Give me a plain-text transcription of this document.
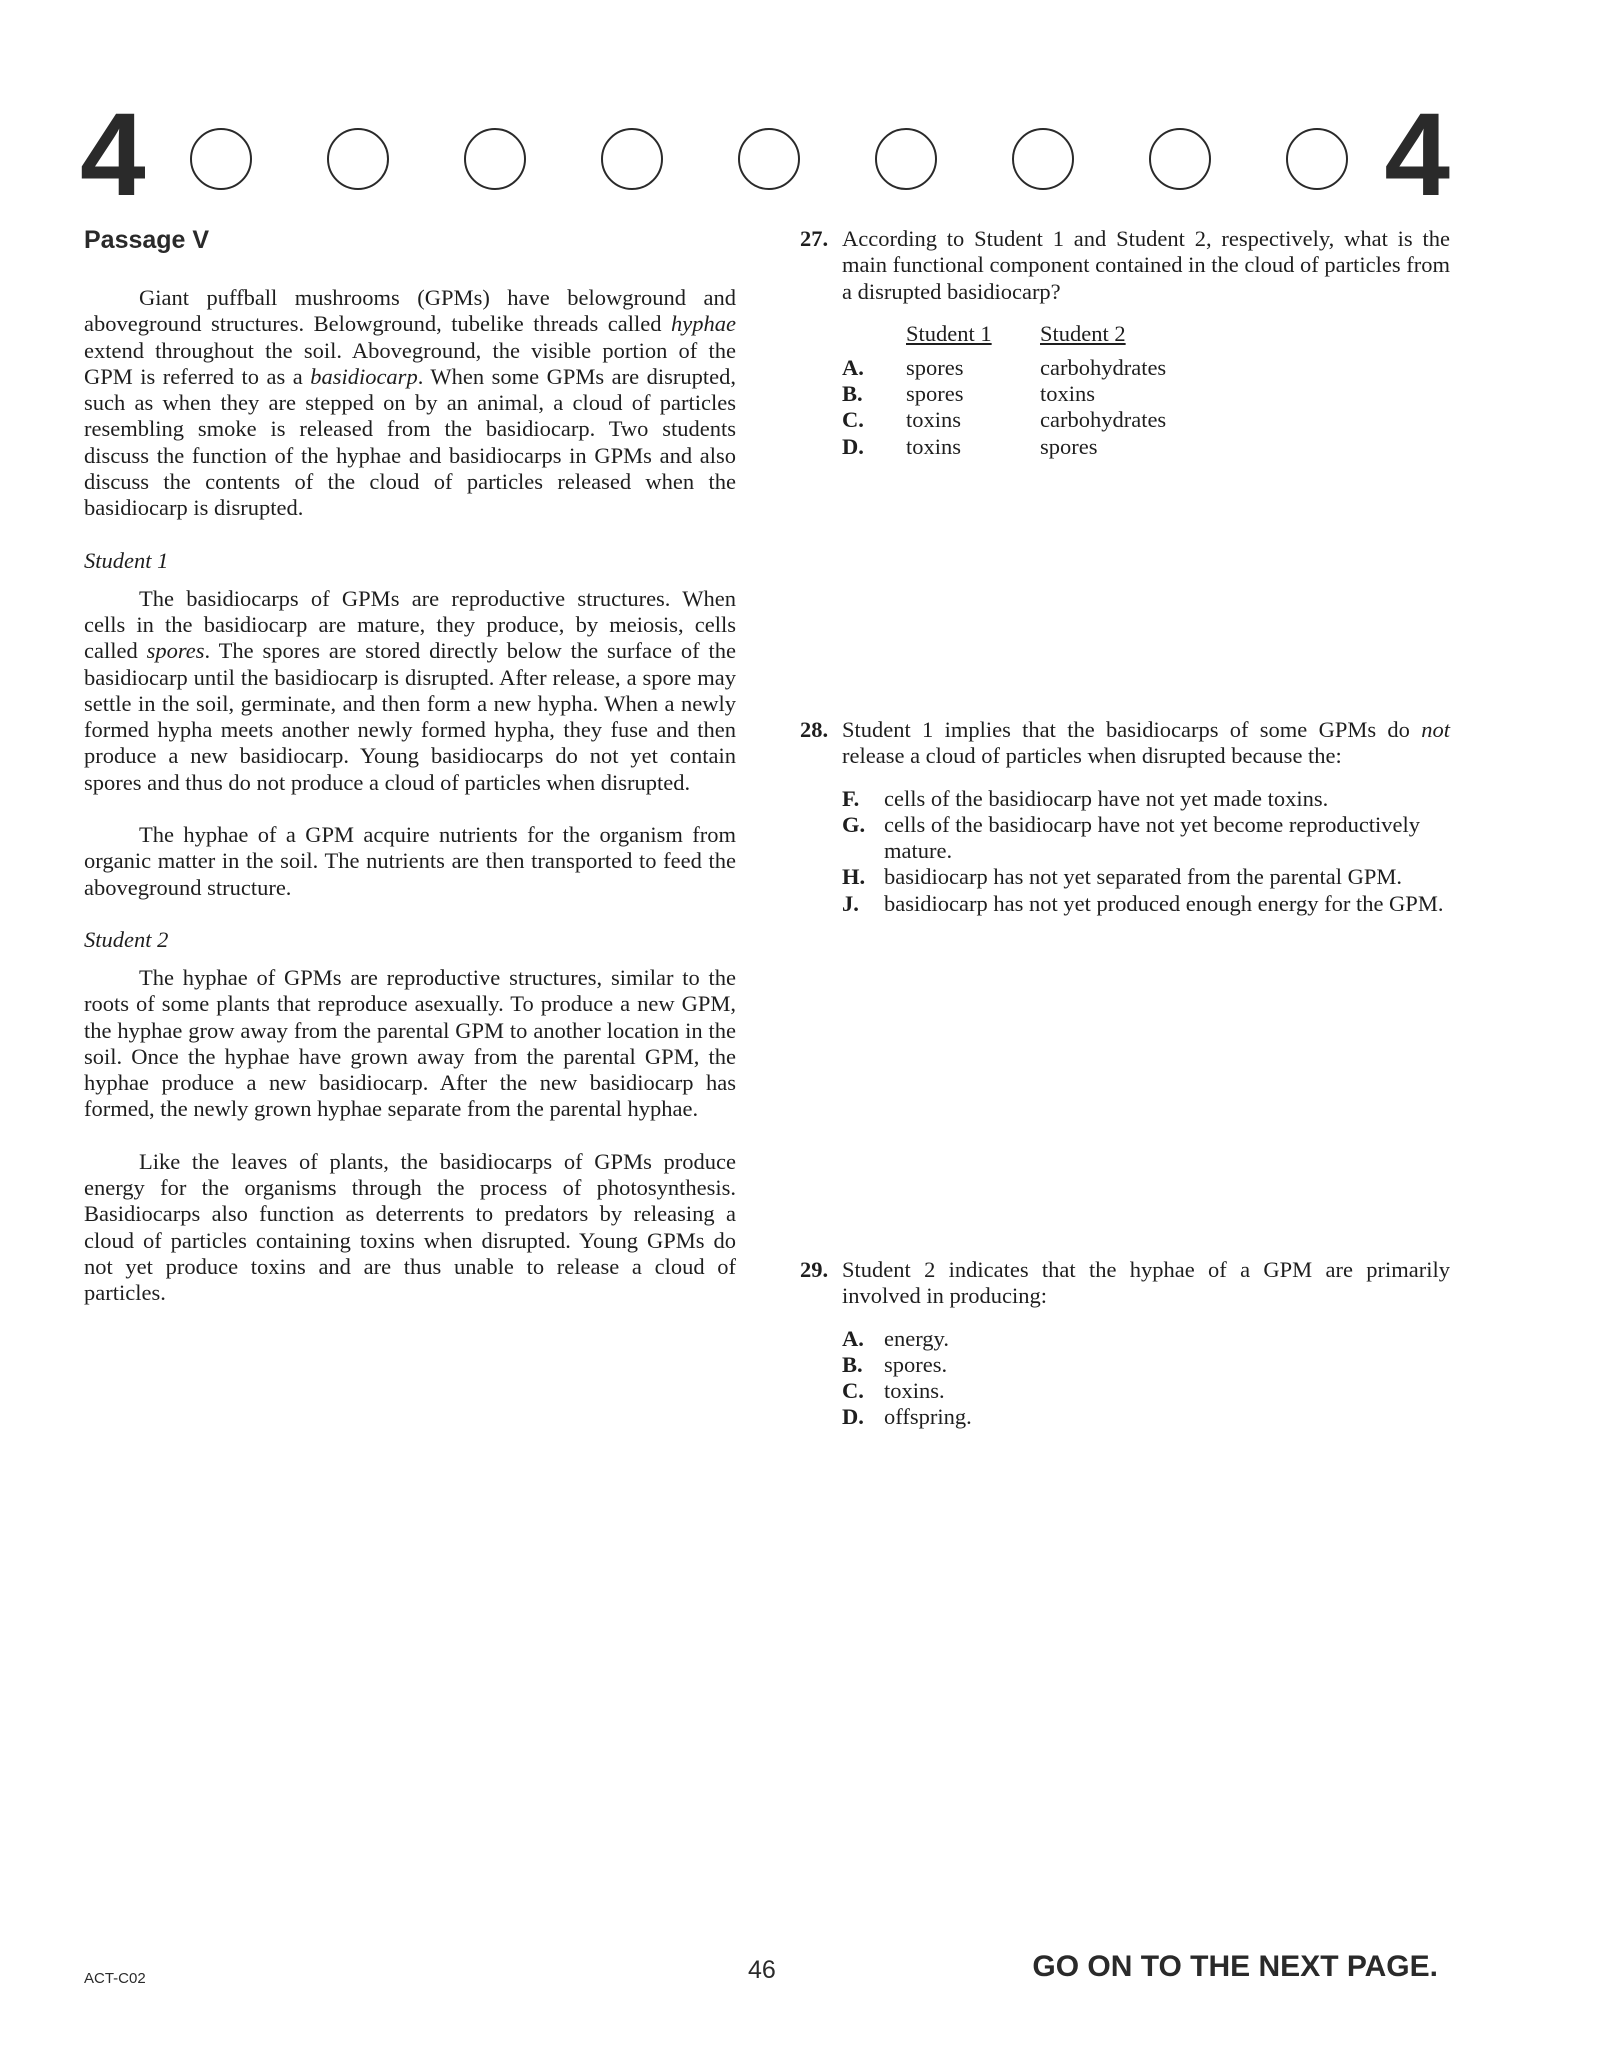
4	4
Passage V

Giant puffball mushrooms (GPMs) have belowground and aboveground structures. Belowground, tubelike threads called hyphae extend throughout the soil. Aboveground, the visible portion of the GPM is referred to as a basidiocarp. When some GPMs are disrupted, such as when they are stepped on by an animal, a cloud of particles resembling smoke is released from the basidiocarp. Two students discuss the function of the hyphae and basidiocarps in GPMs and also discuss the contents of the cloud of particles released when the basidiocarp is disrupted.

Student 1

The basidiocarps of GPMs are reproductive structures. When cells in the basidiocarp are mature, they produce, by meiosis, cells called spores. The spores are stored directly below the surface of the basidiocarp until the basidiocarp is disrupted. After release, a spore may settle in the soil, germinate, and then form a new hypha. When a newly formed hypha meets another newly formed hypha, they fuse and then produce a new basidiocarp. Young basidiocarps do not yet contain spores and thus do not produce a cloud of particles when disrupted.

The hyphae of a GPM acquire nutrients for the organism from organic matter in the soil. The nutrients are then transported to feed the aboveground structure.

Student 2

The hyphae of GPMs are reproductive structures, similar to the roots of some plants that reproduce asexually. To produce a new GPM, the hyphae grow away from the parental GPM to another location in the soil. Once the hyphae have grown away from the parental GPM, the hyphae produce a new basidiocarp. After the new basidiocarp has formed, the newly grown hyphae separate from the parental hyphae.

Like the leaves of plants, the basidiocarps of GPMs produce energy for the organisms through the process of photosynthesis. Basidiocarps also function as deterrents to predators by releasing a cloud of particles containing toxins when disrupted. Young GPMs do not yet produce toxins and are thus unable to release a cloud of particles.

27. According to Student 1 and Student 2, respectively, what is the main functional component contained in the cloud of particles from a disrupted basidiocarp?
Student 1	Student 2
A.	spores	carbohydrates
B.	spores	toxins
C.	toxins	carbohydrates
D.	toxins	spores
28. Student 1 implies that the basidiocarps of some GPMs do not release a cloud of particles when disrupted because the:
F. cells of the basidiocarp have not yet made toxins.
G. cells of the basidiocarp have not yet become reproductively mature.
H. basidiocarp has not yet separated from the parental GPM.
J. basidiocarp has not yet produced enough energy for the GPM.
29. Student 2 indicates that the hyphae of a GPM are primarily involved in producing:
A. energy.
B. spores.
C. toxins.
D. offspring.
ACT-C02	46	GO ON TO THE NEXT PAGE.
